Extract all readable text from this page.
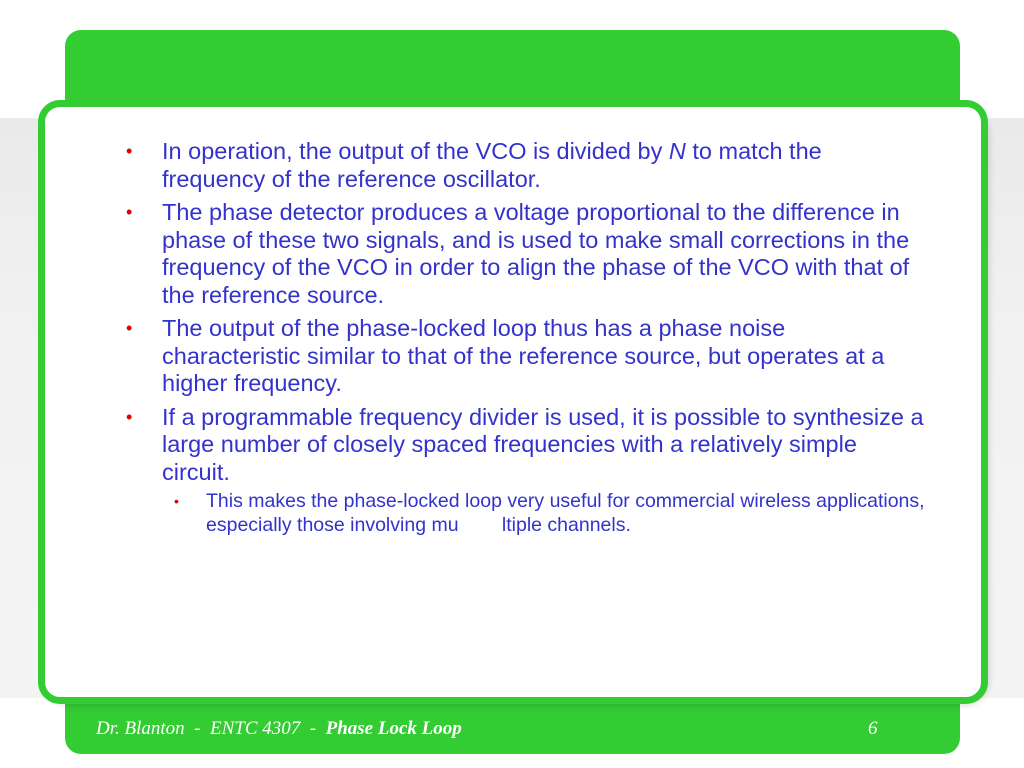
• In operation, the output of the VCO is divided by N to match the frequency of the reference oscillator.
• The phase detector produces a voltage proportional to the difference in phase of these two signals, and is used to make small corrections in the frequency of the VCO in order to align the phase of the VCO with that of the reference source.
• The output of the phase-locked loop thus has a phase noise characteristic similar to that of the reference source, but operates at a higher frequency.
• If a programmable frequency divider is used, it is possible to synthesize a large number of closely spaced frequencies with a relatively simple circuit.
• This makes the phase-locked loop very useful for commercial wireless applications, especially those involving mu        ltiple channels.
Dr. Blanton  -  ENTC 4307  -  Phase Lock Loop	6
